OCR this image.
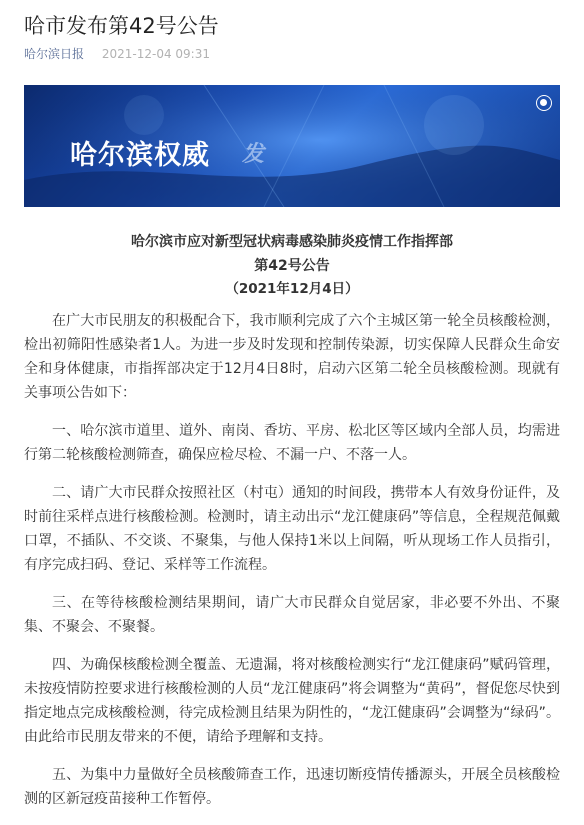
哈市发布第42号公告
哈尔滨日报 2021-12-04 09:31
哈尔滨权威 发
哈尔滨市应对新型冠状病毒感染肺炎疫情工作指挥部
第42号公告
（2021年12月4日）

在广大市民朋友的积极配合下，我市顺利完成了六个主城区第一轮全员核酸检测，检出初筛阳性感染者1人。为进一步及时发现和控制传染源，切实保障人民群众生命安全和身体健康，市指挥部决定于12月4日8时，启动六区第二轮全员核酸检测。现就有关事项公告如下：

一、哈尔滨市道里、道外、南岗、香坊、平房、松北区等区域内全部人员，均需进行第二轮核酸检测筛查，确保应检尽检、不漏一户、不落一人。

二、请广大市民群众按照社区（村屯）通知的时间段，携带本人有效身份证件，及时前往采样点进行核酸检测。检测时，请主动出示“龙江健康码”等信息，全程规范佩戴口罩，不插队、不交谈、不聚集，与他人保持1米以上间隔，听从现场工作人员指引，有序完成扫码、登记、采样等工作流程。

三、在等待核酸检测结果期间，请广大市民群众自觉居家，非必要不外出、不聚集、不聚会、不聚餐。

四、为确保核酸检测全覆盖、无遗漏，将对核酸检测实行“龙江健康码”赋码管理，未按疫情防控要求进行核酸检测的人员“龙江健康码”将会调整为“黄码”，督促您尽快到指定地点完成核酸检测，待完成检测且结果为阴性的，“龙江健康码”会调整为“绿码”。由此给市民朋友带来的不便，请给予理解和支持。

五、为集中力量做好全员核酸筛查工作，迅速切断疫情传播源头，开展全员核酸检测的区新冠疫苗接种工作暂停。
